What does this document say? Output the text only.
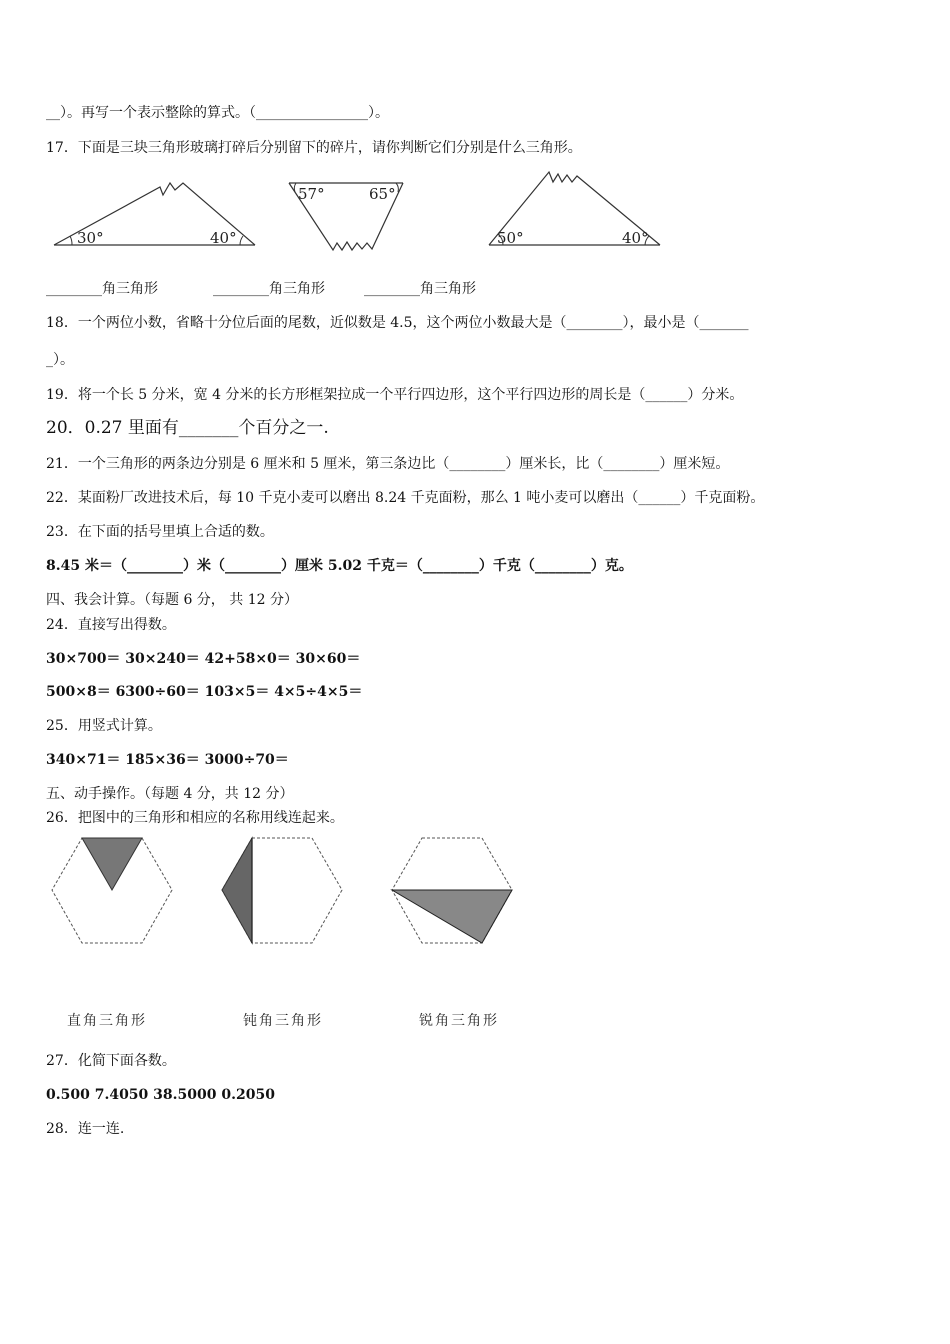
__）。再写一个表示整除的算式。（________________）。
17．下面是三块三角形玻璃打碎后分别留下的碎片，请你判断它们分别是什么三角形。
30°	40°
57°	65°
50°	40°
________角三角形	________角三角形	________角三角形
18．一个两位小数，省略十分位后面的尾数，近似数是 4.5，这个两位小数最大是（________），最小是（_______
_）。
19．将一个长 5 分米，宽 4 分米的长方形框架拉成一个平行四边形，这个平行四边形的周长是（______）分米。
20．0.27 里面有_______个百分之一.
21．一个三角形的两条边分别是 6 厘米和 5 厘米，第三条边比（________）厘米长，比（________）厘米短。
22．某面粉厂改进技术后，每 10 千克小麦可以磨出 8.24 千克面粉，那么 1 吨小麦可以磨出（______）千克面粉。
23．在下面的括号里填上合适的数。
8.45 米＝（________）米（________）厘米 5.02 千克＝（________）千克（________）克。
四、我会计算。（每题 6 分， 共 12 分）
24．直接写出得数。
30×700＝ 30×240＝ 42+58×0＝ 30×60＝
500×8＝ 6300÷60＝ 103×5＝ 4×5÷4×5＝
25．用竖式计算。
340×71＝ 185×36＝ 3000÷70＝
五、动手操作。（每题 4 分，共 12 分）
26．把图中的三角形和相应的名称用线连起来。
直角三角形	钝角三角形	锐角三角形
27．化简下面各数。
0.500 7.4050 38.5000 0.2050
28．连一连.
